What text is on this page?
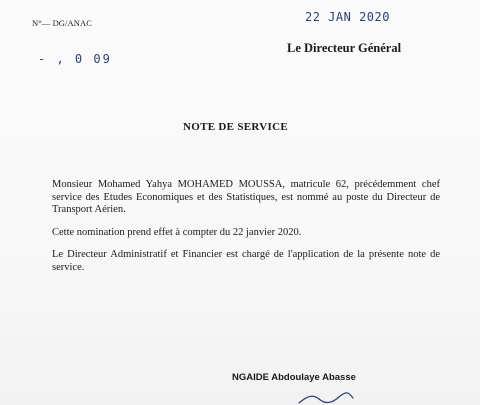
N°— DG/ANAC	22 JAN 2020
- , 0 09
Le Directeur Général
NOTE DE SERVICE

Monsieur Mohamed Yahya MOHAMED MOUSSA, matricule 62, précédemment chef service des Etudes Economiques et des Statistiques, est nommé au poste du Directeur de Transport Aérien.

Cette nomination prend effet à compter du 22 janvier 2020.

Le Directeur Administratif et Financier est chargé de l'application de la présente note de service.

NGAIDE Abdoulaye Abasse
